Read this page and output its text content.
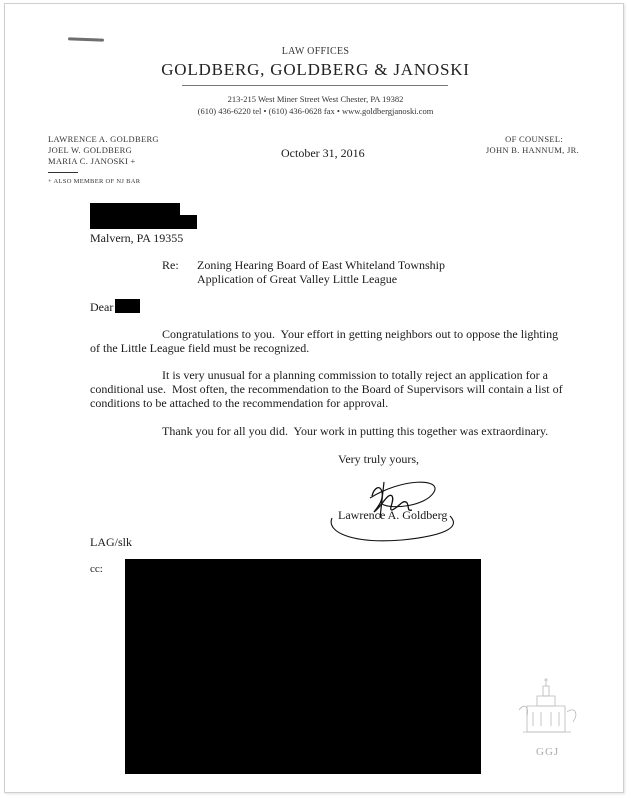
LAW OFFICES
GOLDBERG, GOLDBERG & JANOSKI
213-215 West Miner Street West Chester, PA 19382
(610) 436-6220 tel • (610) 436-0628 fax • www.goldbergjanoski.com
LAWRENCE A. GOLDBERG
JOEL W. GOLDBERG
MARIA C. JANOSKI +
+ ALSO MEMBER OF NJ BAR
OF COUNSEL:
JOHN B. HANNUM, JR.
October 31, 2016
Malvern, PA 19355
Re: Zoning Hearing Board of East Whiteland Township
Application of Great Valley Little League
Dear
Congratulations to you.  Your effort in getting neighbors out to oppose the lighting
of the Little League field must be recognized.
It is very unusual for a planning commission to totally reject an application for a
conditional use.  Most often, the recommendation to the Board of Supervisors will contain a list of
conditions to be attached to the recommendation for approval.
Thank you for all you did.  Your work in putting this together was extraordinary.
Very truly yours,
Lawrence A. Goldberg
LAG/slk
cc:
GGJ
